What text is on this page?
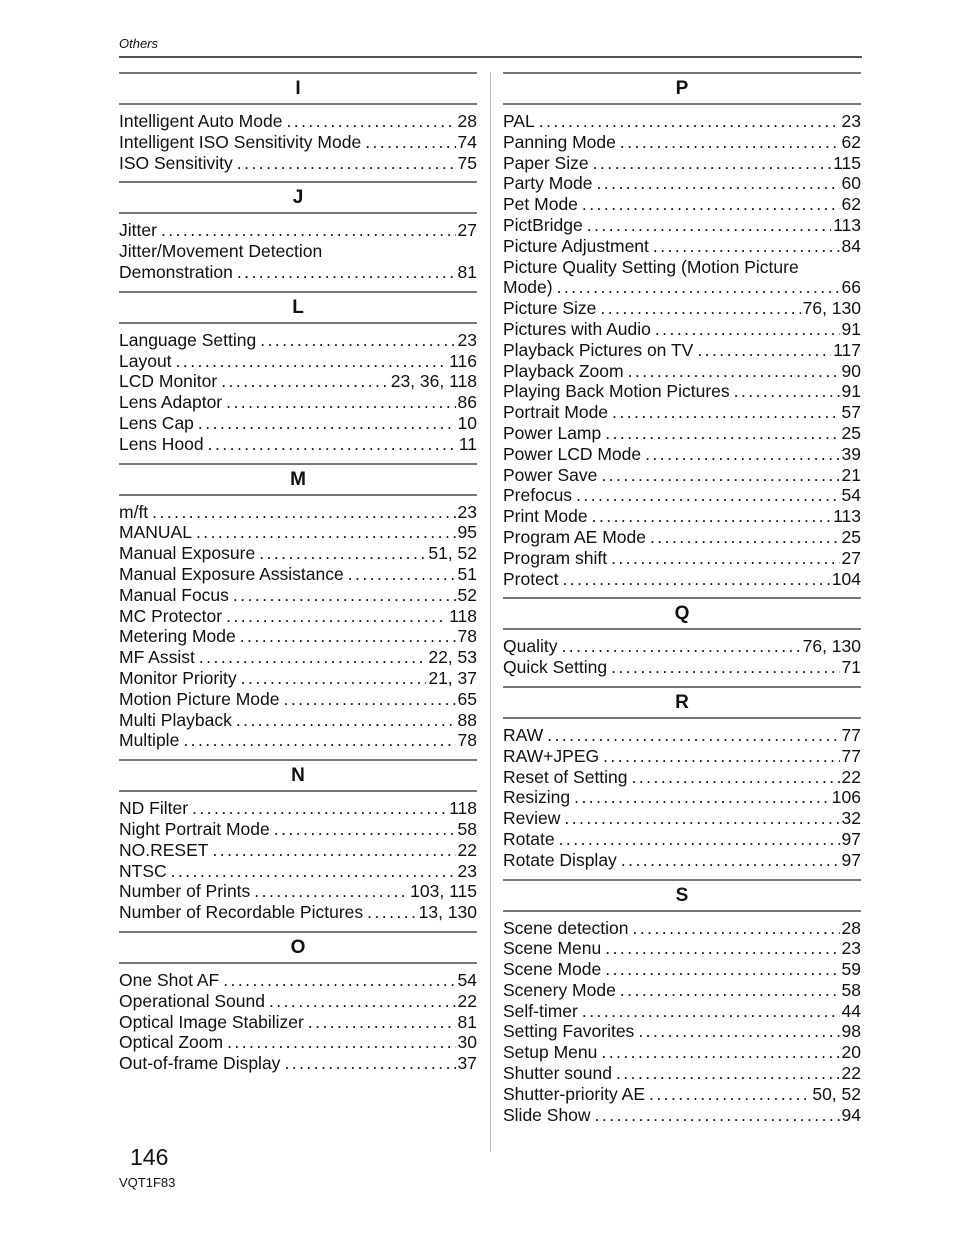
Others
I
Intelligent Auto Mode . . .	28
Intelligent ISO Sensitivity Mode . . .	74
ISO Sensitivity . . .	75
J
Jitter . . .	27
Jitter/Movement Detection
Demonstration . . .	81
L
Language Setting . . .	23
Layout . . .	116
LCD Monitor . . .	23, 36, 118
Lens Adaptor . . .	86
Lens Cap . . .	10
Lens Hood . . .	11
M
m/ft . . .	23
MANUAL . . .	95
Manual Exposure . . .	51, 52
Manual Exposure Assistance . . .	51
Manual Focus . . .	52
MC Protector . . .	118
Metering Mode . . .	78
MF Assist . . .	22, 53
Monitor Priority . . .	21, 37
Motion Picture Mode . . .	65
Multi Playback . . .	88
Multiple . . .	78
N
ND Filter . . .	118
Night Portrait Mode . . .	58
NO.RESET . . .	22
NTSC . . .	23
Number of Prints . . .	103, 115
Number of Recordable Pictures . . .	13, 130
O
One Shot AF . . .	54
Operational Sound . . .	22
Optical Image Stabilizer . . .	81
Optical Zoom . . .	30
Out-of-frame Display . . .	37
P
PAL . . .	23
Panning Mode . . .	62
Paper Size . . .	115
Party Mode . . .	60
Pet Mode . . .	62
PictBridge . . .	113
Picture Adjustment . . .	84
Picture Quality Setting (Motion Picture
Mode) . . .	66
Picture Size . . .	76, 130
Pictures with Audio . . .	91
Playback Pictures on TV . . .	117
Playback Zoom . . .	90
Playing Back Motion Pictures . . .	91
Portrait Mode . . .	57
Power Lamp . . .	25
Power LCD Mode . . .	39
Power Save . . .	21
Prefocus . . .	54
Print Mode . . .	113
Program AE Mode . . .	25
Program shift . . .	27
Protect . . .	104
Q
Quality . . .	76, 130
Quick Setting . . .	71
R
RAW . . .	77
RAW+JPEG . . .	77
Reset of Setting . . .	22
Resizing . . .	106
Review . . .	32
Rotate . . .	97
Rotate Display . . .	97
S
Scene detection . . .	28
Scene Menu . . .	23
Scene Mode . . .	59
Scenery Mode . . .	58
Self-timer . . .	44
Setting Favorites . . .	98
Setup Menu . . .	20
Shutter sound . . .	22
Shutter-priority AE . . .	50, 52
Slide Show . . .	94
146
VQT1F83
